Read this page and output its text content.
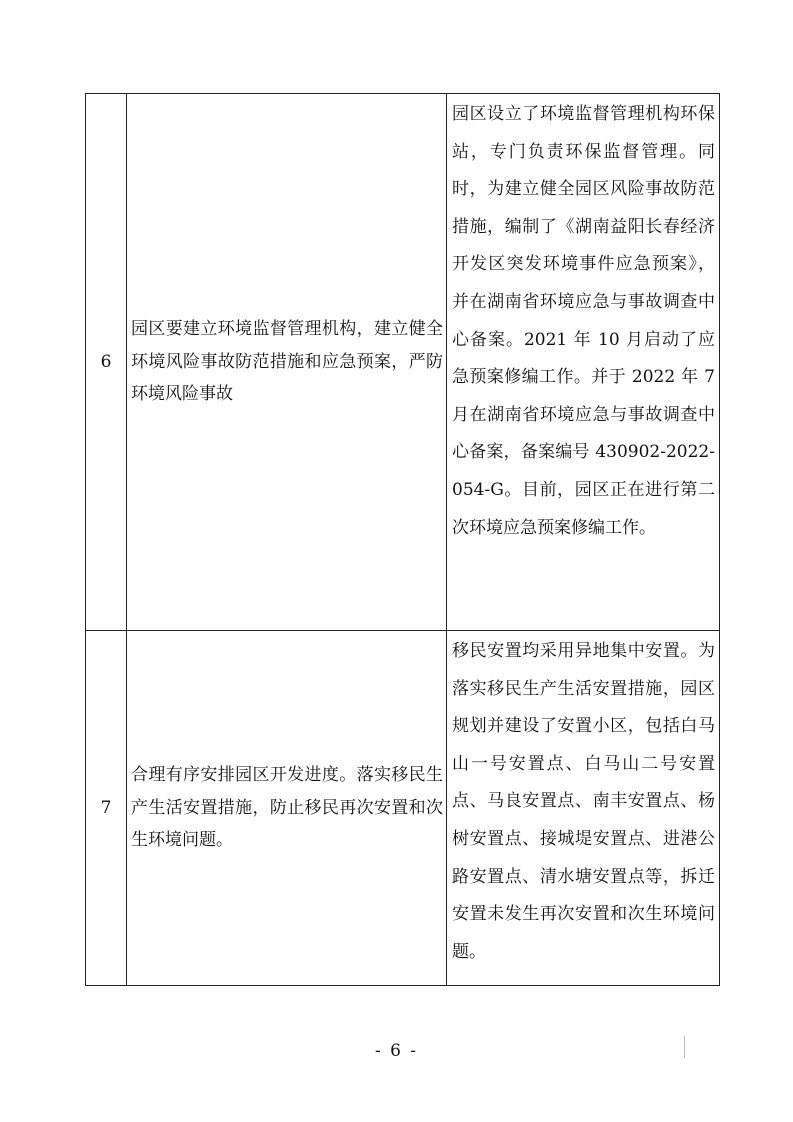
6	园区要建立环境监督管理机构，建立健全环境风险事故防范措施和应急预案，严防环境风险事故	园区设立了环境监督管理机构环保站，专门负责环保监督管理。同时，为建立健全园区风险事故防范措施，编制了《湖南益阳长春经济开发区突发环境事件应急预案》，并在湖南省环境应急与事故调查中心备案。2021 年 10 月启动了应急预案修编工作。并于 2022 年 7 月在湖南省环境应急与事故调查中心备案，备案编号 430902-2022-054-G。目前，园区正在进行第二次环境应急预案修编工作。
7	合理有序安排园区开发进度。落实移民生产生活安置措施，防止移民再次安置和次生环境问题。	移民安置均采用异地集中安置。为落实移民生产生活安置措施，园区规划并建设了安置小区，包括白马山一号安置点、白马山二号安置点、马良安置点、南丰安置点、杨树安置点、接城堤安置点、进港公路安置点、清水塘安置点等，拆迁安置未发生再次安置和次生环境问题。
- 6 -
